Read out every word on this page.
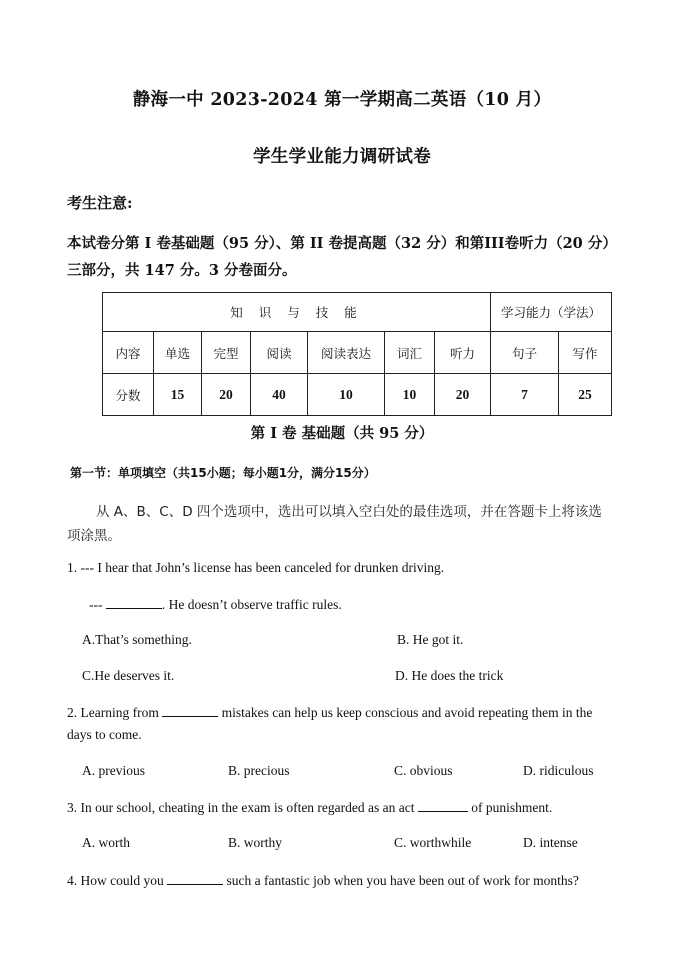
静海一中 2023-2024 第一学期高二英语（10 月）
学生学业能力调研试卷
考生注意:
本试卷分第 I 卷基础题（95 分）、第 II 卷提高题（32 分）和第III卷听力（20 分）
三部分，共 147 分。3 分卷面分。
知 识 与 技 能							学习能力（学法）	
内容	单选	完型	阅读	阅读表达	词汇	听力	句子	写作
分数	15	20	40	10	10	20	7	25
第 I 卷 基础题（共 95 分）
第一节：单项填空（共15小题；每小题1分，满分15分）
从 A、B、C、D 四个选项中，选出可以填入空白处的最佳选项，并在答题卡上将该选
项涂黑。
1. --- I hear that John’s license has been canceled for drunken driving.
---	. He doesn’t observe traffic rules.
A.That’s something.	B. He got it.
C.He deserves it.	D. He does the trick
2. Learning from	mistakes can help us keep conscious and avoid repeating them in the
days to come.
A. previous	B. precious	C. obvious	D. ridiculous
3. In our school, cheating in the exam is often regarded as an act	of punishment.
A. worth	B. worthy	C. worthwhile	D. intense
4. How could you	such a fantastic job when you have been out of work for months?
